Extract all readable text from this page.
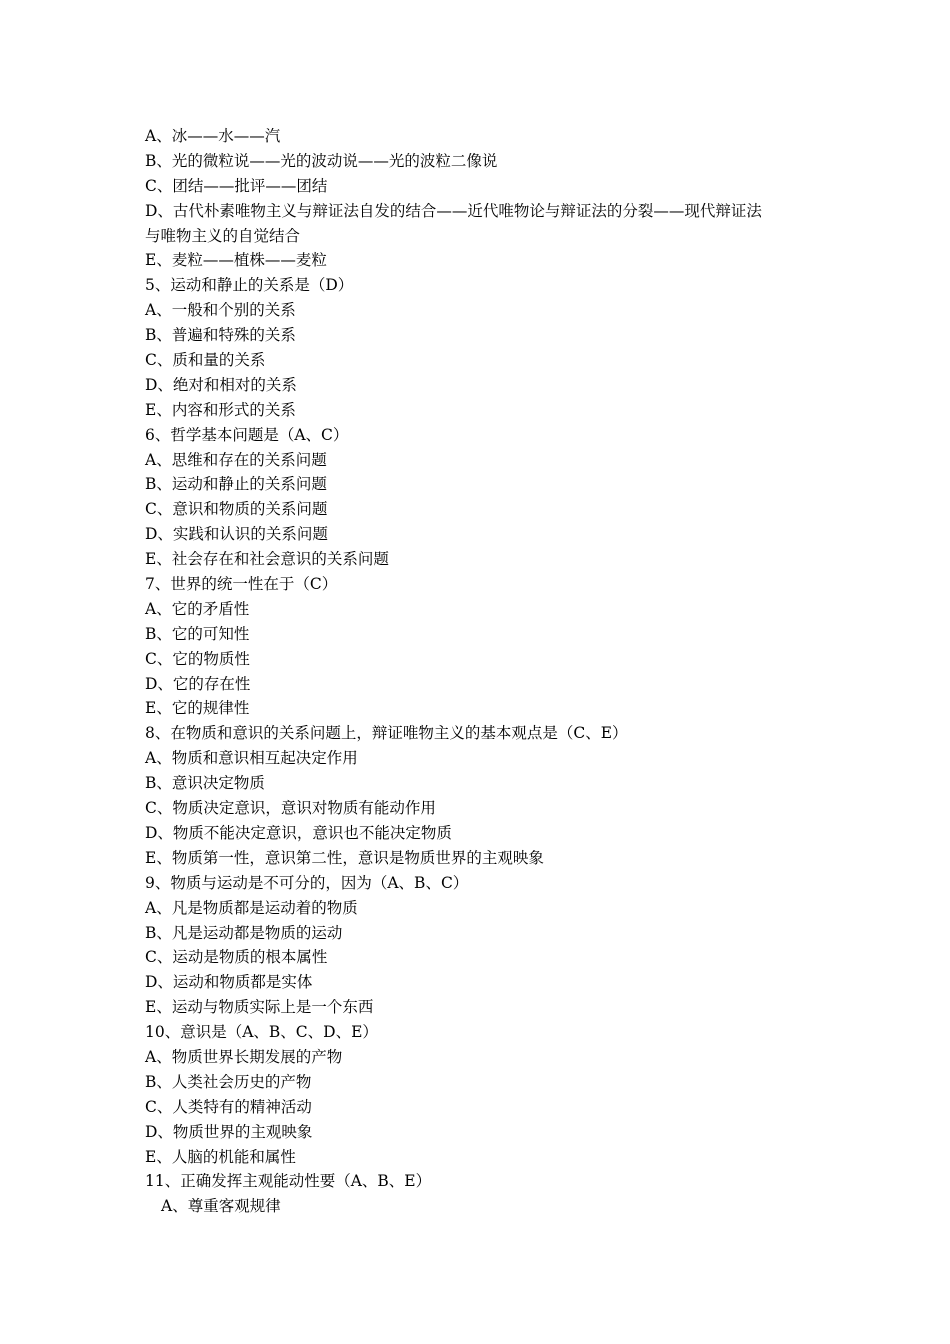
A、冰——水——汽
B、光的微粒说——光的波动说——光的波粒二像说
C、团结——批评——团结
D、古代朴素唯物主义与辩证法自发的结合——近代唯物论与辩证法的分裂——现代辩证法
与唯物主义的自觉结合
E、麦粒——植株——麦粒
5、运动和静止的关系是（D）
A、一般和个别的关系
B、普遍和特殊的关系
C、质和量的关系
D、绝对和相对的关系
E、内容和形式的关系
6、哲学基本问题是（A、C）
A、思维和存在的关系问题
B、运动和静止的关系问题
C、意识和物质的关系问题
D、实践和认识的关系问题
E、社会存在和社会意识的关系问题
7、世界的统一性在于（C）
A、它的矛盾性
B、它的可知性
C、它的物质性
D、它的存在性
E、它的规律性
8、在物质和意识的关系问题上，辩证唯物主义的基本观点是（C、E）
A、物质和意识相互起决定作用
B、意识决定物质
C、物质决定意识，意识对物质有能动作用
D、物质不能决定意识，意识也不能决定物质
E、物质第一性，意识第二性，意识是物质世界的主观映象
9、物质与运动是不可分的，因为（A、B、C）
A、凡是物质都是运动着的物质
B、凡是运动都是物质的运动
C、运动是物质的根本属性
D、运动和物质都是实体
E、运动与物质实际上是一个东西
10、意识是（A、B、C、D、E）
A、物质世界长期发展的产物
B、人类社会历史的产物
C、人类特有的精神活动
D、物质世界的主观映象
E、人脑的机能和属性
11、正确发挥主观能动性要（A、B、E）
A、尊重客观规律
